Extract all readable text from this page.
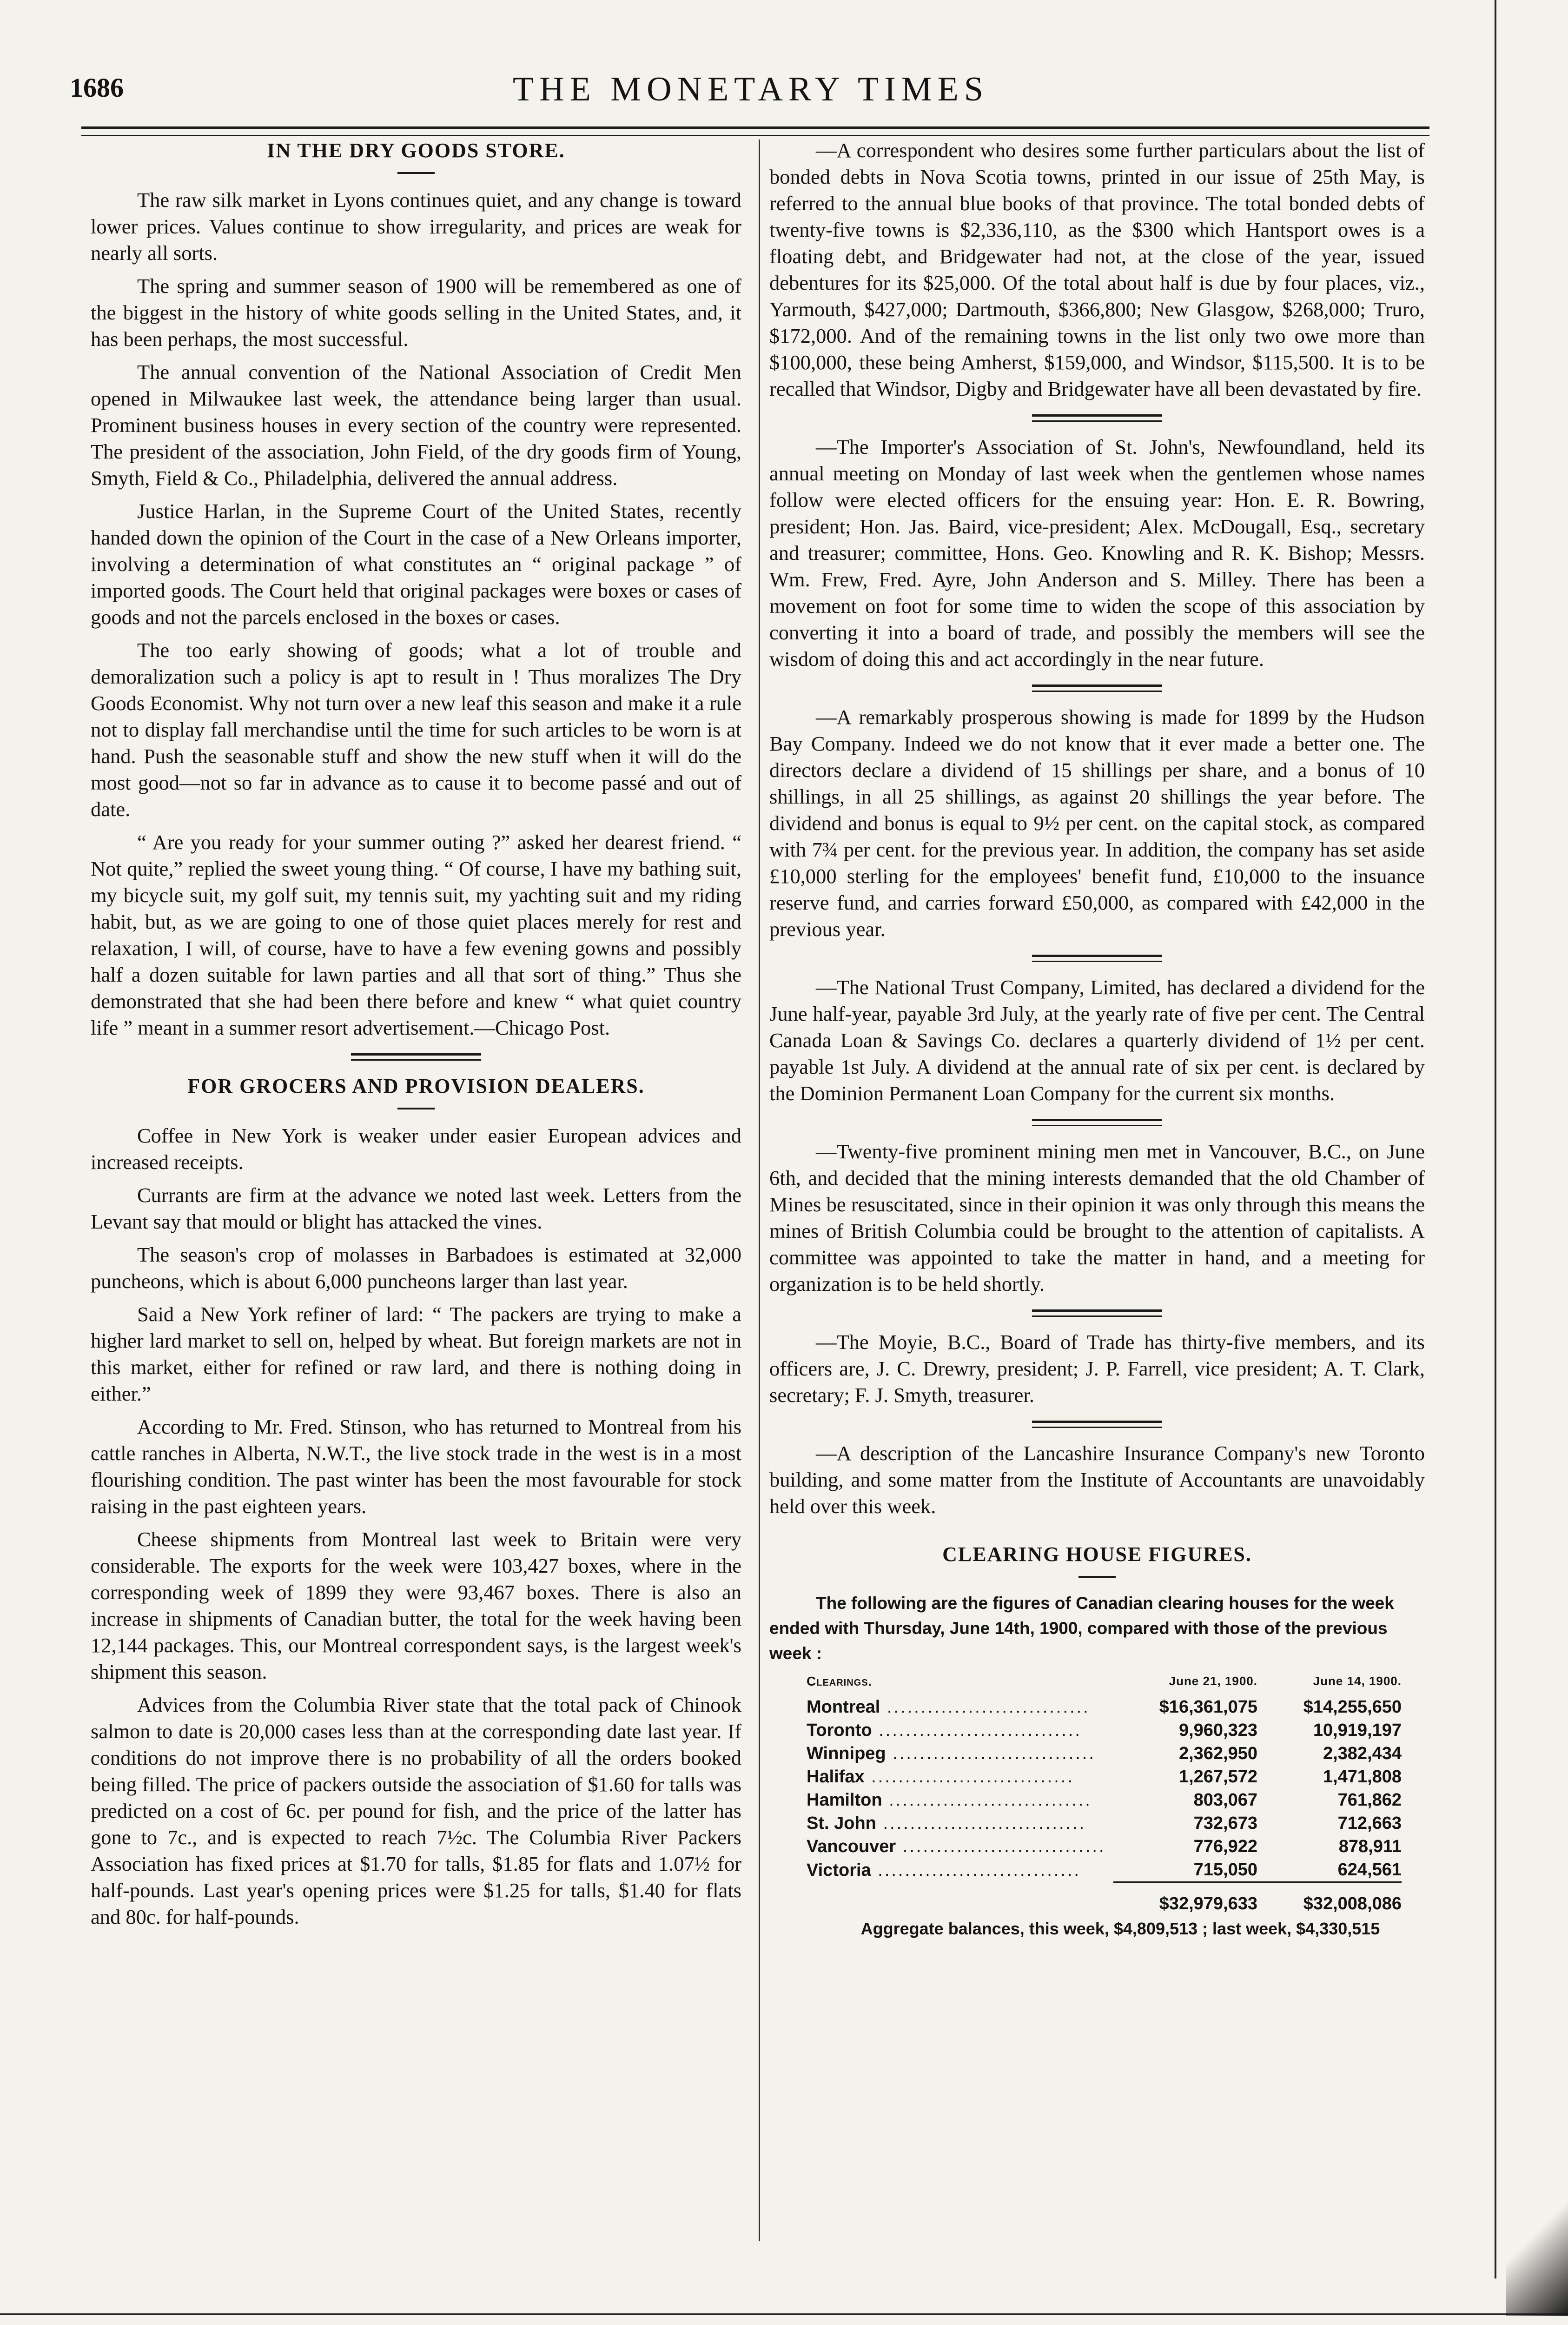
1686	THE MONETARY TIMES
IN THE DRY GOODS STORE.

The raw silk market in Lyons continues quiet, and any change is toward lower prices. Values continue to show irregularity, and prices are weak for nearly all sorts.

The spring and summer season of 1900 will be remembered as one of the biggest in the history of white goods selling in the United States, and, it has been perhaps, the most successful.

The annual convention of the National Association of Credit Men opened in Milwaukee last week, the attendance being larger than usual. Prominent business houses in every section of the country were represented. The president of the association, John Field, of the dry goods firm of Young, Smyth, Field & Co., Philadelphia, delivered the annual address.

Justice Harlan, in the Supreme Court of the United States, recently handed down the opinion of the Court in the case of a New Orleans importer, involving a determination of what constitutes an “ original package ” of imported goods. The Court held that original packages were boxes or cases of goods and not the parcels enclosed in the boxes or cases.

The too early showing of goods; what a lot of trouble and demoralization such a policy is apt to result in ! Thus moralizes The Dry Goods Economist. Why not turn over a new leaf this season and make it a rule not to display fall merchandise until the time for such articles to be worn is at hand. Push the seasonable stuff and show the new stuff when it will do the most good—not so far in advance as to cause it to become passé and out of date.

“ Are you ready for your summer outing ?” asked her dearest friend. “ Not quite,” replied the sweet young thing. “ Of course, I have my bathing suit, my bicycle suit, my golf suit, my tennis suit, my yachting suit and my riding habit, but, as we are going to one of those quiet places merely for rest and relaxation, I will, of course, have to have a few evening gowns and possibly half a dozen suitable for lawn parties and all that sort of thing.” Thus she demonstrated that she had been there before and knew “ what quiet country life ” meant in a summer resort advertisement.—Chicago Post.

FOR GROCERS AND PROVISION DEALERS.

Coffee in New York is weaker under easier European advices and increased receipts.

Currants are firm at the advance we noted last week. Letters from the Levant say that mould or blight has attacked the vines.

The season's crop of molasses in Barbadoes is estimated at 32,000 puncheons, which is about 6,000 puncheons larger than last year.

Said a New York refiner of lard: “ The packers are trying to make a higher lard market to sell on, helped by wheat. But foreign markets are not in this market, either for refined or raw lard, and there is nothing doing in either.”

According to Mr. Fred. Stinson, who has returned to Montreal from his cattle ranches in Alberta, N.W.T., the live stock trade in the west is in a most flourishing condition. The past winter has been the most favourable for stock raising in the past eighteen years.

Cheese shipments from Montreal last week to Britain were very considerable. The exports for the week were 103,427 boxes, where in the corresponding week of 1899 they were 93,467 boxes. There is also an increase in shipments of Canadian butter, the total for the week having been 12,144 packages. This, our Montreal correspondent says, is the largest week's shipment this season.

Advices from the Columbia River state that the total pack of Chinook salmon to date is 20,000 cases less than at the corresponding date last year. If conditions do not improve there is no probability of all the orders booked being filled. The price of packers outside the association of $1.60 for talls was predicted on a cost of 6c. per pound for fish, and the price of the latter has gone to 7c., and is expected to reach 7½c. The Columbia River Packers Association has fixed prices at $1.70 for talls, $1.85 for flats and 1.07½ for half-pounds. Last year's opening prices were $1.25 for talls, $1.40 for flats and 80c. for half-pounds.

—A correspondent who desires some further particulars about the list of bonded debts in Nova Scotia towns, printed in our issue of 25th May, is referred to the annual blue books of that province. The total bonded debts of twenty-five towns is $2,336,110, as the $300 which Hantsport owes is a floating debt, and Bridgewater had not, at the close of the year, issued debentures for its $25,000. Of the total about half is due by four places, viz., Yarmouth, $427,000; Dartmouth, $366,800; New Glasgow, $268,000; Truro, $172,000. And of the remaining towns in the list only two owe more than $100,000, these being Amherst, $159,000, and Windsor, $115,500. It is to be recalled that Windsor, Digby and Bridgewater have all been devastated by fire.

—The Importer's Association of St. John's, Newfoundland, held its annual meeting on Monday of last week when the gentlemen whose names follow were elected officers for the ensuing year: Hon. E. R. Bowring, president; Hon. Jas. Baird, vice-president; Alex. McDougall, Esq., secretary and treasurer; committee, Hons. Geo. Knowling and R. K. Bishop; Messrs. Wm. Frew, Fred. Ayre, John Anderson and S. Milley. There has been a movement on foot for some time to widen the scope of this association by converting it into a board of trade, and possibly the members will see the wisdom of doing this and act accordingly in the near future.

—A remarkably prosperous showing is made for 1899 by the Hudson Bay Company. Indeed we do not know that it ever made a better one. The directors declare a dividend of 15 shillings per share, and a bonus of 10 shillings, in all 25 shillings, as against 20 shillings the year before. The dividend and bonus is equal to 9½ per cent. on the capital stock, as compared with 7¾ per cent. for the previous year. In addition, the company has set aside £10,000 sterling for the employees' benefit fund, £10,000 to the insuance reserve fund, and carries forward £50,000, as compared with £42,000 in the previous year.

—The National Trust Company, Limited, has declared a dividend for the June half-year, payable 3rd July, at the yearly rate of five per cent. The Central Canada Loan & Savings Co. declares a quarterly dividend of 1½ per cent. payable 1st July. A dividend at the annual rate of six per cent. is declared by the Dominion Permanent Loan Company for the current six months.

—Twenty-five prominent mining men met in Vancouver, B.C., on June 6th, and decided that the mining interests demanded that the old Chamber of Mines be resuscitated, since in their opinion it was only through this means the mines of British Columbia could be brought to the attention of capitalists. A committee was appointed to take the matter in hand, and a meeting for organization is to be held shortly.

—The Moyie, B.C., Board of Trade has thirty-five members, and its officers are, J. C. Drewry, president; J. P. Farrell, vice president; A. T. Clark, secretary; F. J. Smyth, treasurer.

—A description of the Lancashire Insurance Company's new Toronto building, and some matter from the Institute of Accountants are unavoidably held over this week.

CLEARING HOUSE FIGURES.

The following are the figures of Canadian clearing houses for the week ended with Thursday, June 14th, 1900, compared with those of the previous week :

Clearings.	June 21, 1900.	June 14, 1900.
Montreal ..............................	$16,361,075	$14,255,650
Toronto ..............................	9,960,323	10,919,197
Winnipeg ..............................	2,362,950	2,382,434
Halifax ..............................	1,267,572	1,471,808
Hamilton ..............................	803,067	761,862
St. John ..............................	732,673	712,663
Vancouver ..............................	776,922	878,911
Victoria ..............................	715,050	624,561
	$32,979,633	$32,008,086

Aggregate balances, this week, $4,809,513 ; last week, $4,330,515
